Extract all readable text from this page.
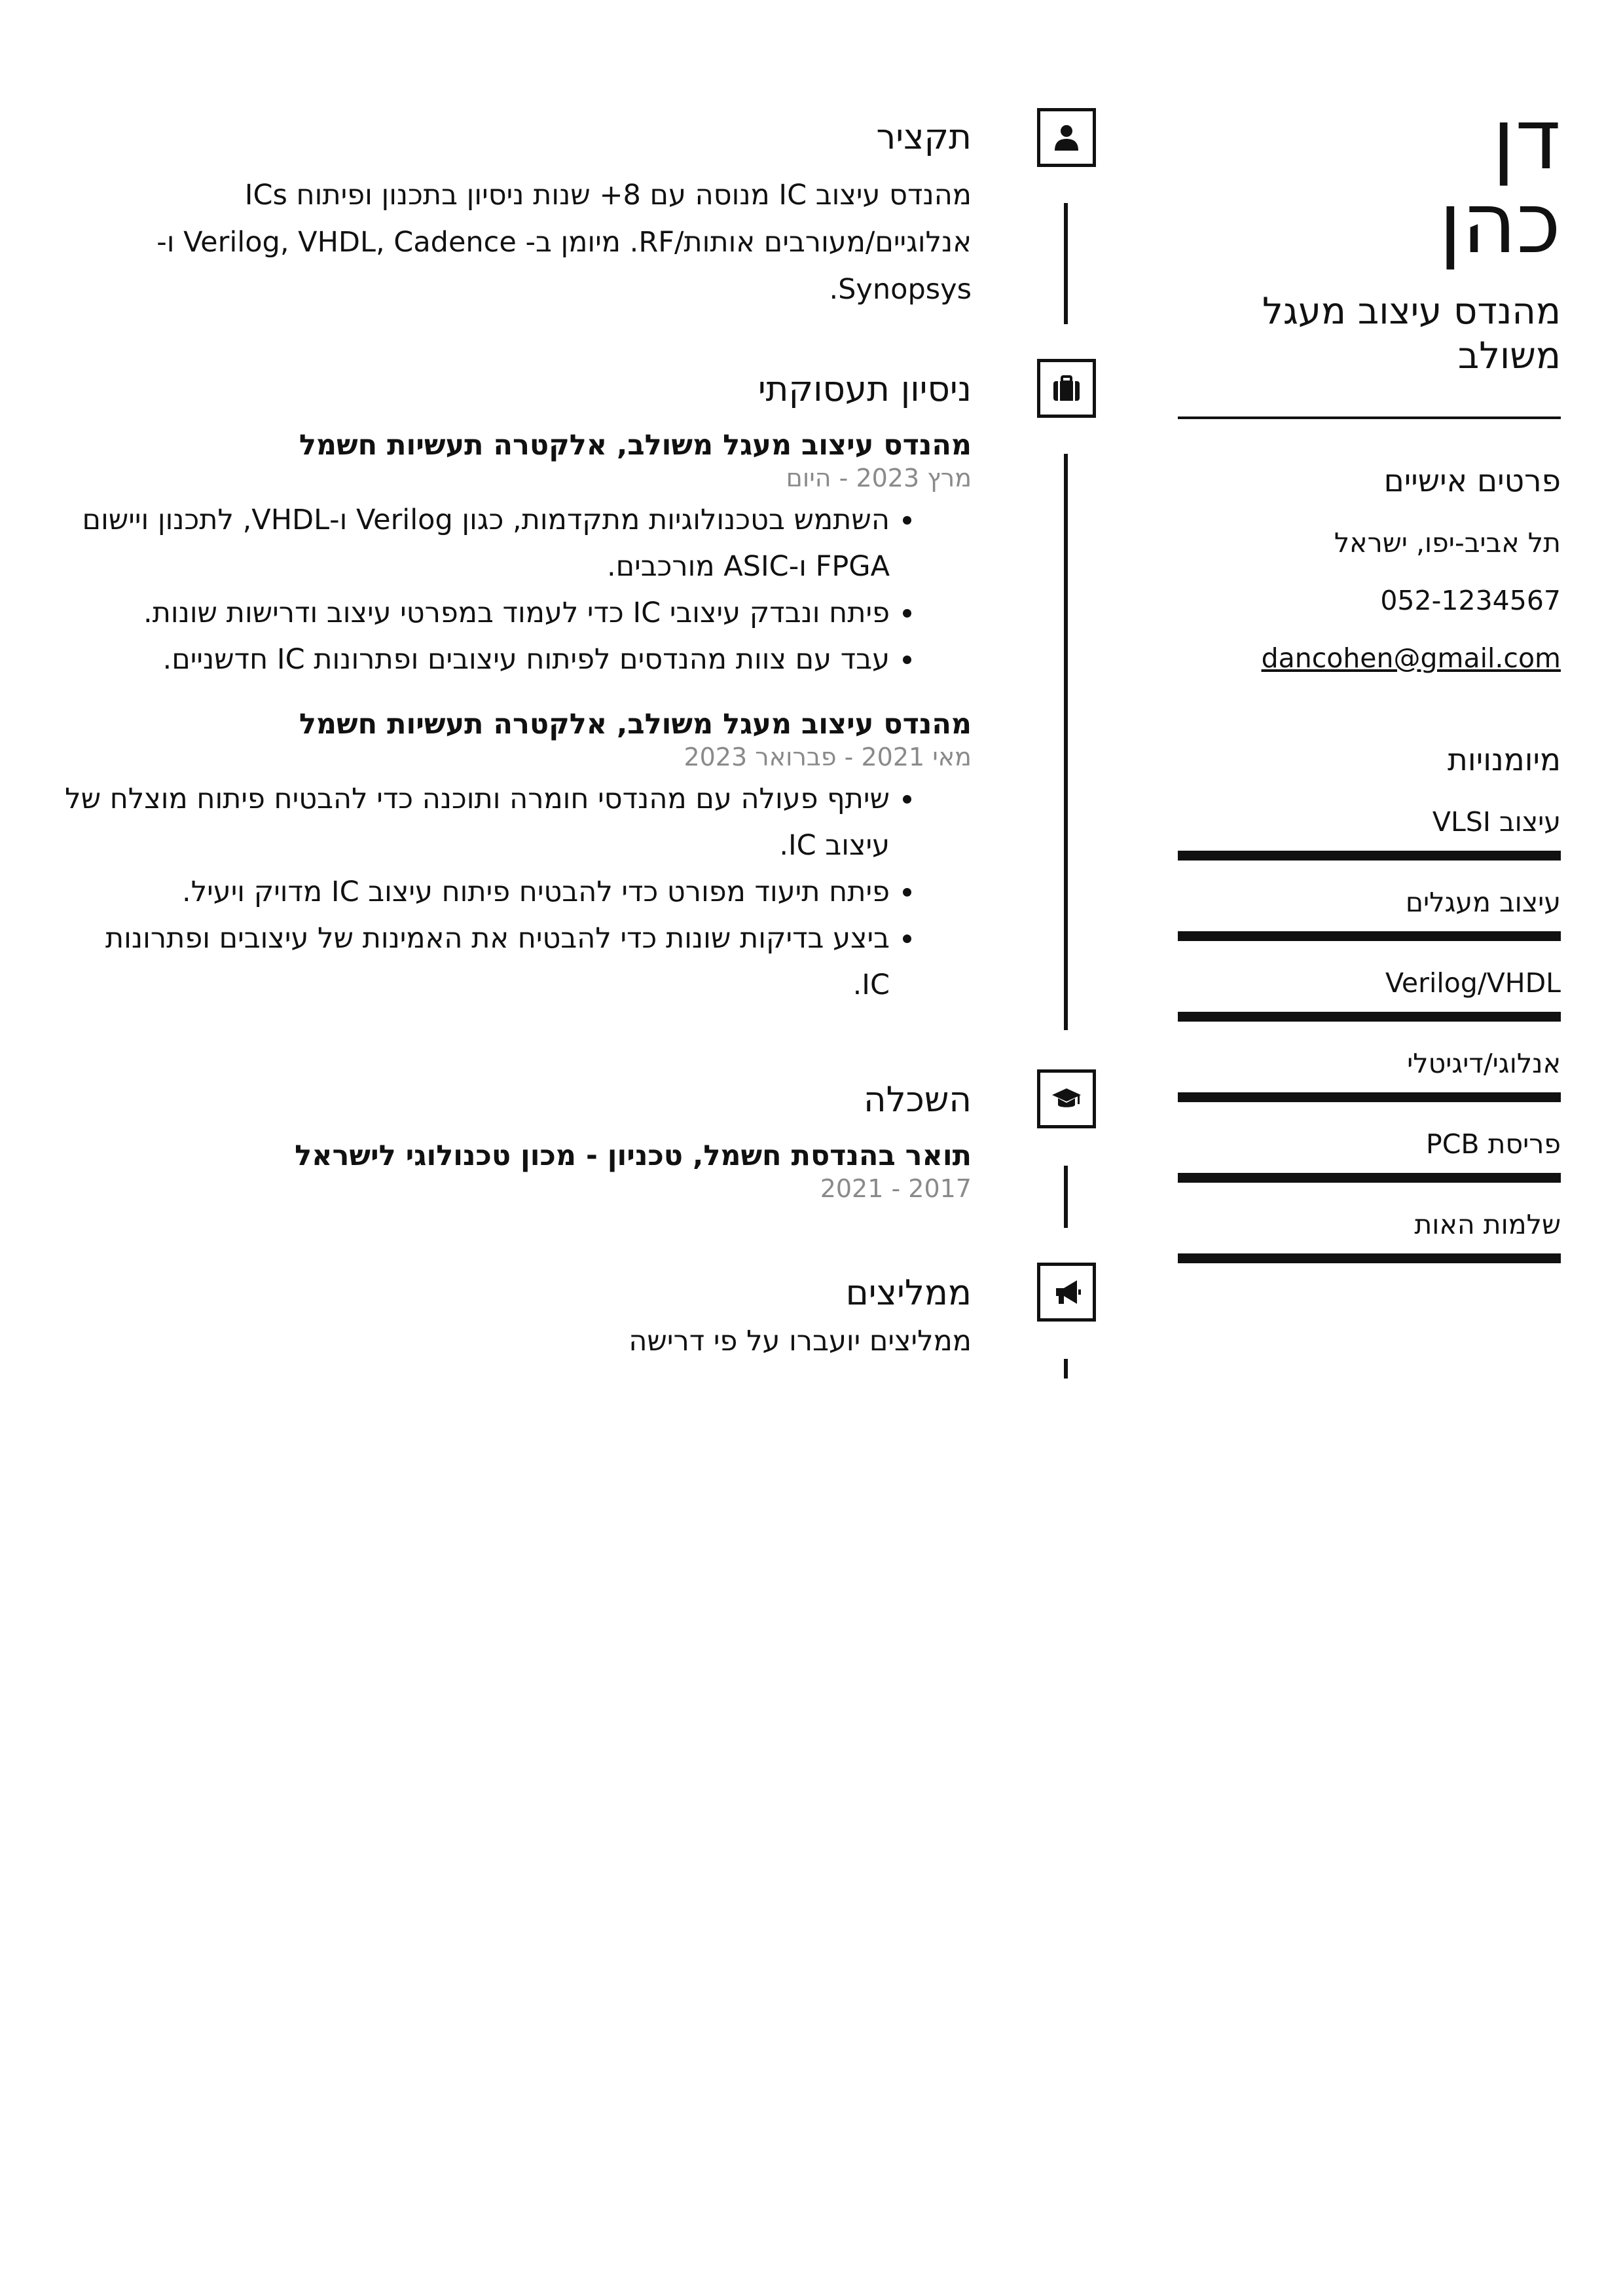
דן
כהן
מהנדס עיצוב מעגל משולב
פרטים אישיים
תל אביב-יפו, ישראל
052-1234567
dancohen@gmail.com
מיומנויות
עיצוב VLSI
עיצוב מעגלים
Verilog/VHDL
אנלוגי/דיגיטלי
פריסת PCB
שלמות האות
תקציר
מהנדס עיצוב IC מנוסה עם 8+ שנות ניסיון בתכנון ופיתוח ICs אנלוגיים/מעורבים אותות/RF. מיומן ב- Verilog, VHDL, Cadence ו-Synopsys.
ניסיון תעסוקתי
מהנדס עיצוב מעגל משולב, אלקטרה תעשיות חשמל
מרץ 2023 - היום
• השתמש בטכנולוגיות מתקדמות, כגון Verilog ו-VHDL, לתכנון ויישום FPGA ו-ASIC מורכבים.
• פיתח ונבדק עיצובי IC כדי לעמוד במפרטי עיצוב ודרישות שונות.
• עבד עם צוות מהנדסים לפיתוח עיצובים ופתרונות IC חדשניים.
מהנדס עיצוב מעגל משולב, אלקטרה תעשיות חשמל
מאי 2021 - פברואר 2023
• שיתף פעולה עם מהנדסי חומרה ותוכנה כדי להבטיח פיתוח מוצלח של עיצוב IC.
• פיתח תיעוד מפורט כדי להבטיח פיתוח עיצוב IC מדויק ויעיל.
• ביצע בדיקות שונות כדי להבטיח את האמינות של עיצובים ופתרונות IC.
השכלה
תואר בהנדסת חשמל, טכניון - מכון טכנולוגי לישראל
2017 - 2021
ממליצים
ממליצים יועברו על פי דרישה
